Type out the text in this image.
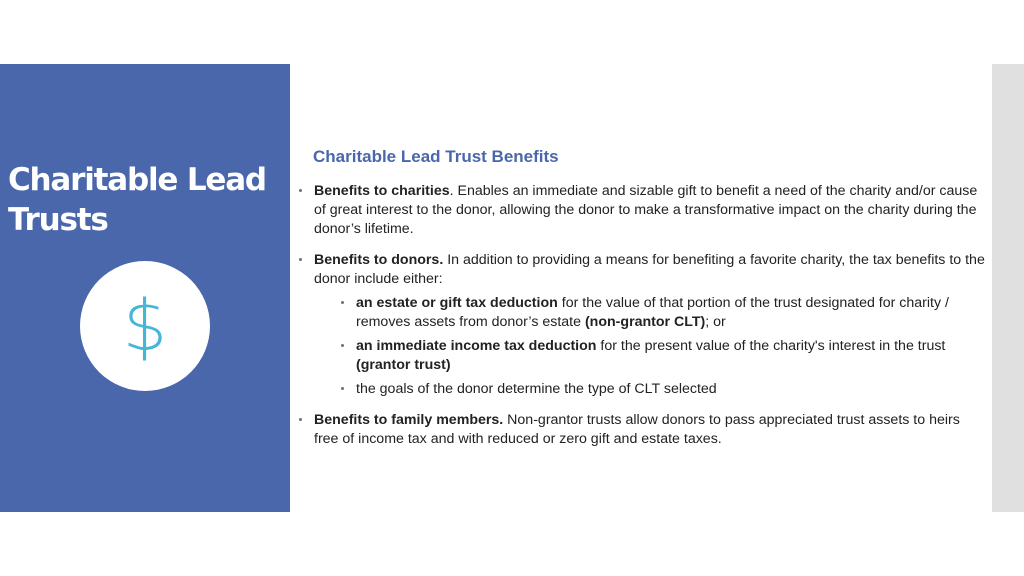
Charitable Lead Trusts
$
Charitable Lead Trust Benefits
Benefits to charities. Enables an immediate and sizable gift to benefit a need of the charity and/or cause of great interest to the donor, allowing the donor to make a transformative impact on the charity during the donor’s lifetime.
Benefits to donors. In addition to providing a means for benefiting a favorite charity, the tax benefits to the donor include either:
an estate or gift tax deduction for the value of that portion of the trust designated for charity / removes assets from donor’s estate (non-grantor CLT); or
an immediate income tax deduction for the present value of the charity's interest in the trust (grantor trust)
the goals of the donor determine the type of CLT selected
Benefits to family members. Non-grantor trusts allow donors to pass appreciated trust assets to heirs free of income tax and with reduced or zero gift and estate taxes.
